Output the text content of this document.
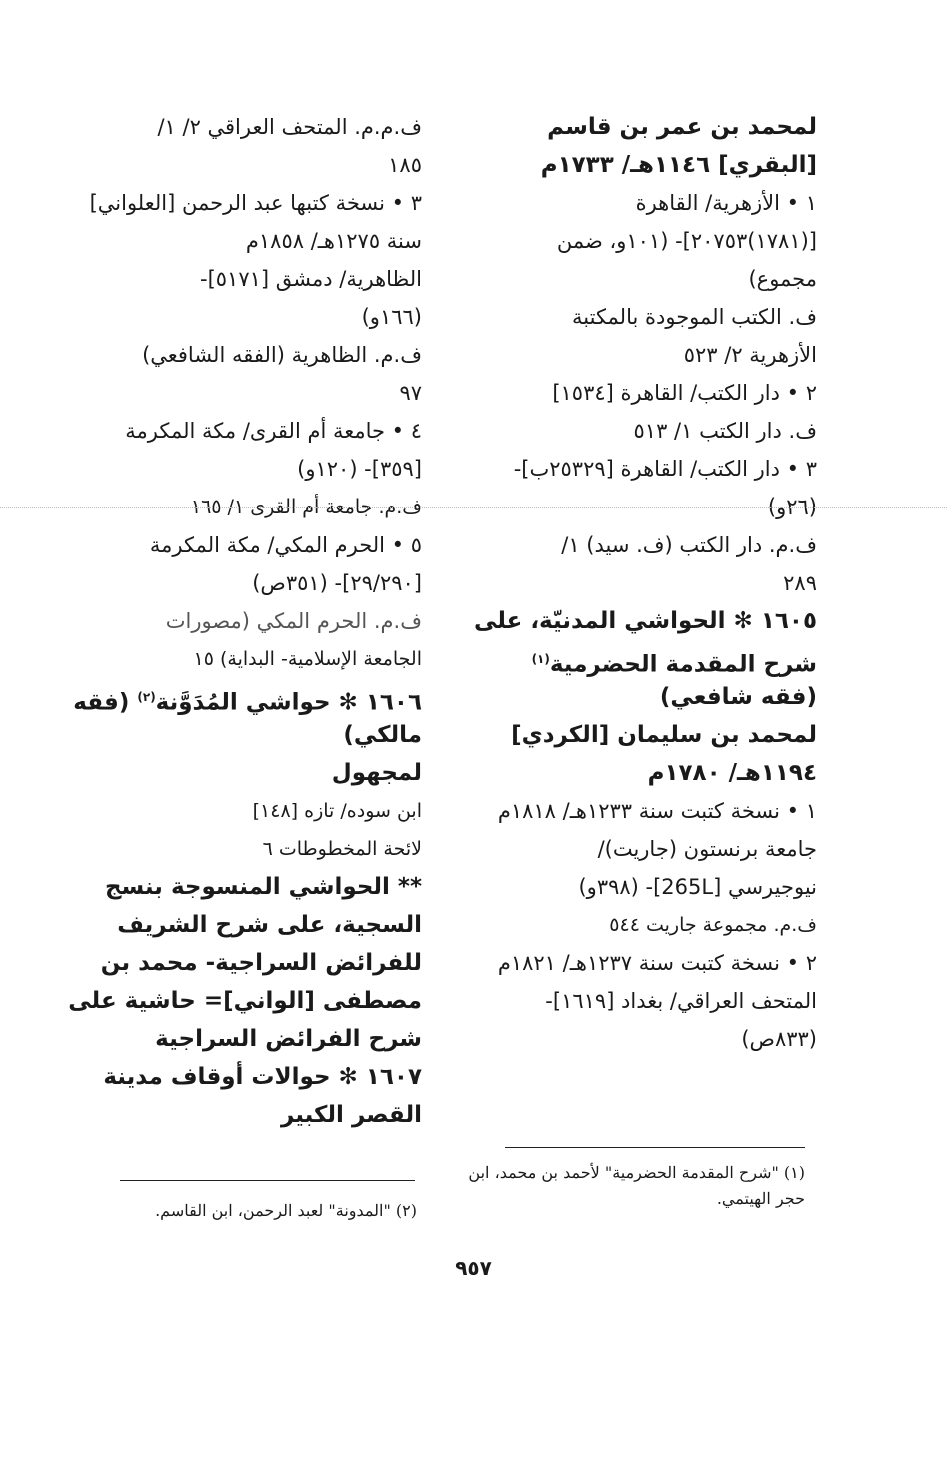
لمحمد بن عمر بن قاسم
[البقري] ١١٤٦هـ/ ١٧٣٣م
١ • الأزهرية/ القاهرة
[(١٧٨١)٢٠٧٥٣]- (١٠١و، ضمن
مجموع)
ف. الكتب الموجودة بالمكتبة
الأزهرية ٢/ ٥٢٣
٢ • دار الكتب/ القاهرة [١٥٣٤]
ف. دار الكتب ١/ ٥١٣
٣ • دار الكتب/ القاهرة [٢٥٣٢٩ب]-
(٢٦و)
ف.م. دار الكتب (ف. سيد) ١/
٢٨٩
١٦٠٥ ✻ الحواشي المدنيّة، على
شرح المقدمة الحضرمية$^{(١)}$
(فقه شافعي)
لمحمد بن سليمان [الكردي]
١١٩٤هـ/ ١٧٨٠م
١ • نسخة كتبت سنة ١٢٣٣هـ/ ١٨١٨م
جامعة برنستون (جاريت)/
نيوجيرسي [265L]- (٣٩٨و)
ف.م. مجموعة جاريت ٥٤٤
٢ • نسخة كتبت سنة ١٢٣٧هـ/ ١٨٢١م
المتحف العراقي/ بغداد [١٦١٩]-
(٨٣٣ص)
ف.م.م. المتحف العراقي ٢/ ١/
١٨٥
٣ • نسخة كتبها عبد الرحمن [العلواني]
سنة ١٢٧٥هـ/ ١٨٥٨م
الظاهرية/ دمشق [٥١٧١]-
(١٦٦و)
ف.م. الظاهرية (الفقه الشافعي)
٩٧
٤ • جامعة أم القرى/ مكة المكرمة
[٣٥٩]- (١٢٠و)
ف.م. جامعة أم القرى ١/ ١٦٥
٥ • الحرم المكي/ مكة المكرمة
[٢٩/٢٩٠]- (٣٥١ص)
ف.م. الحرم المكي (مصورات
الجامعة الإسلامية- البداية) ١٥
١٦٠٦ ✻ حواشي المُدَوَّنة$^{(٢)}$ (فقه
مالكي)
لمجهول
ابن سوده/ تازه [١٤٨]
لائحة المخطوطات ٦
** الحواشي المنسوجة بنسج
السجية، على شرح الشريف
للفرائض السراجية- محمد بن
مصطفى [الواني]= حاشية على
شرح الفرائض السراجية
١٦٠٧ ✻ حوالات أوقاف مدينة
القصر الكبير
(١) "شرح المقدمة الحضرمية" لأحمد بن محمد، ابن
حجر الهيتمي.
(٢) "المدونة" لعبد الرحمن، ابن القاسم.
٩٥٧
